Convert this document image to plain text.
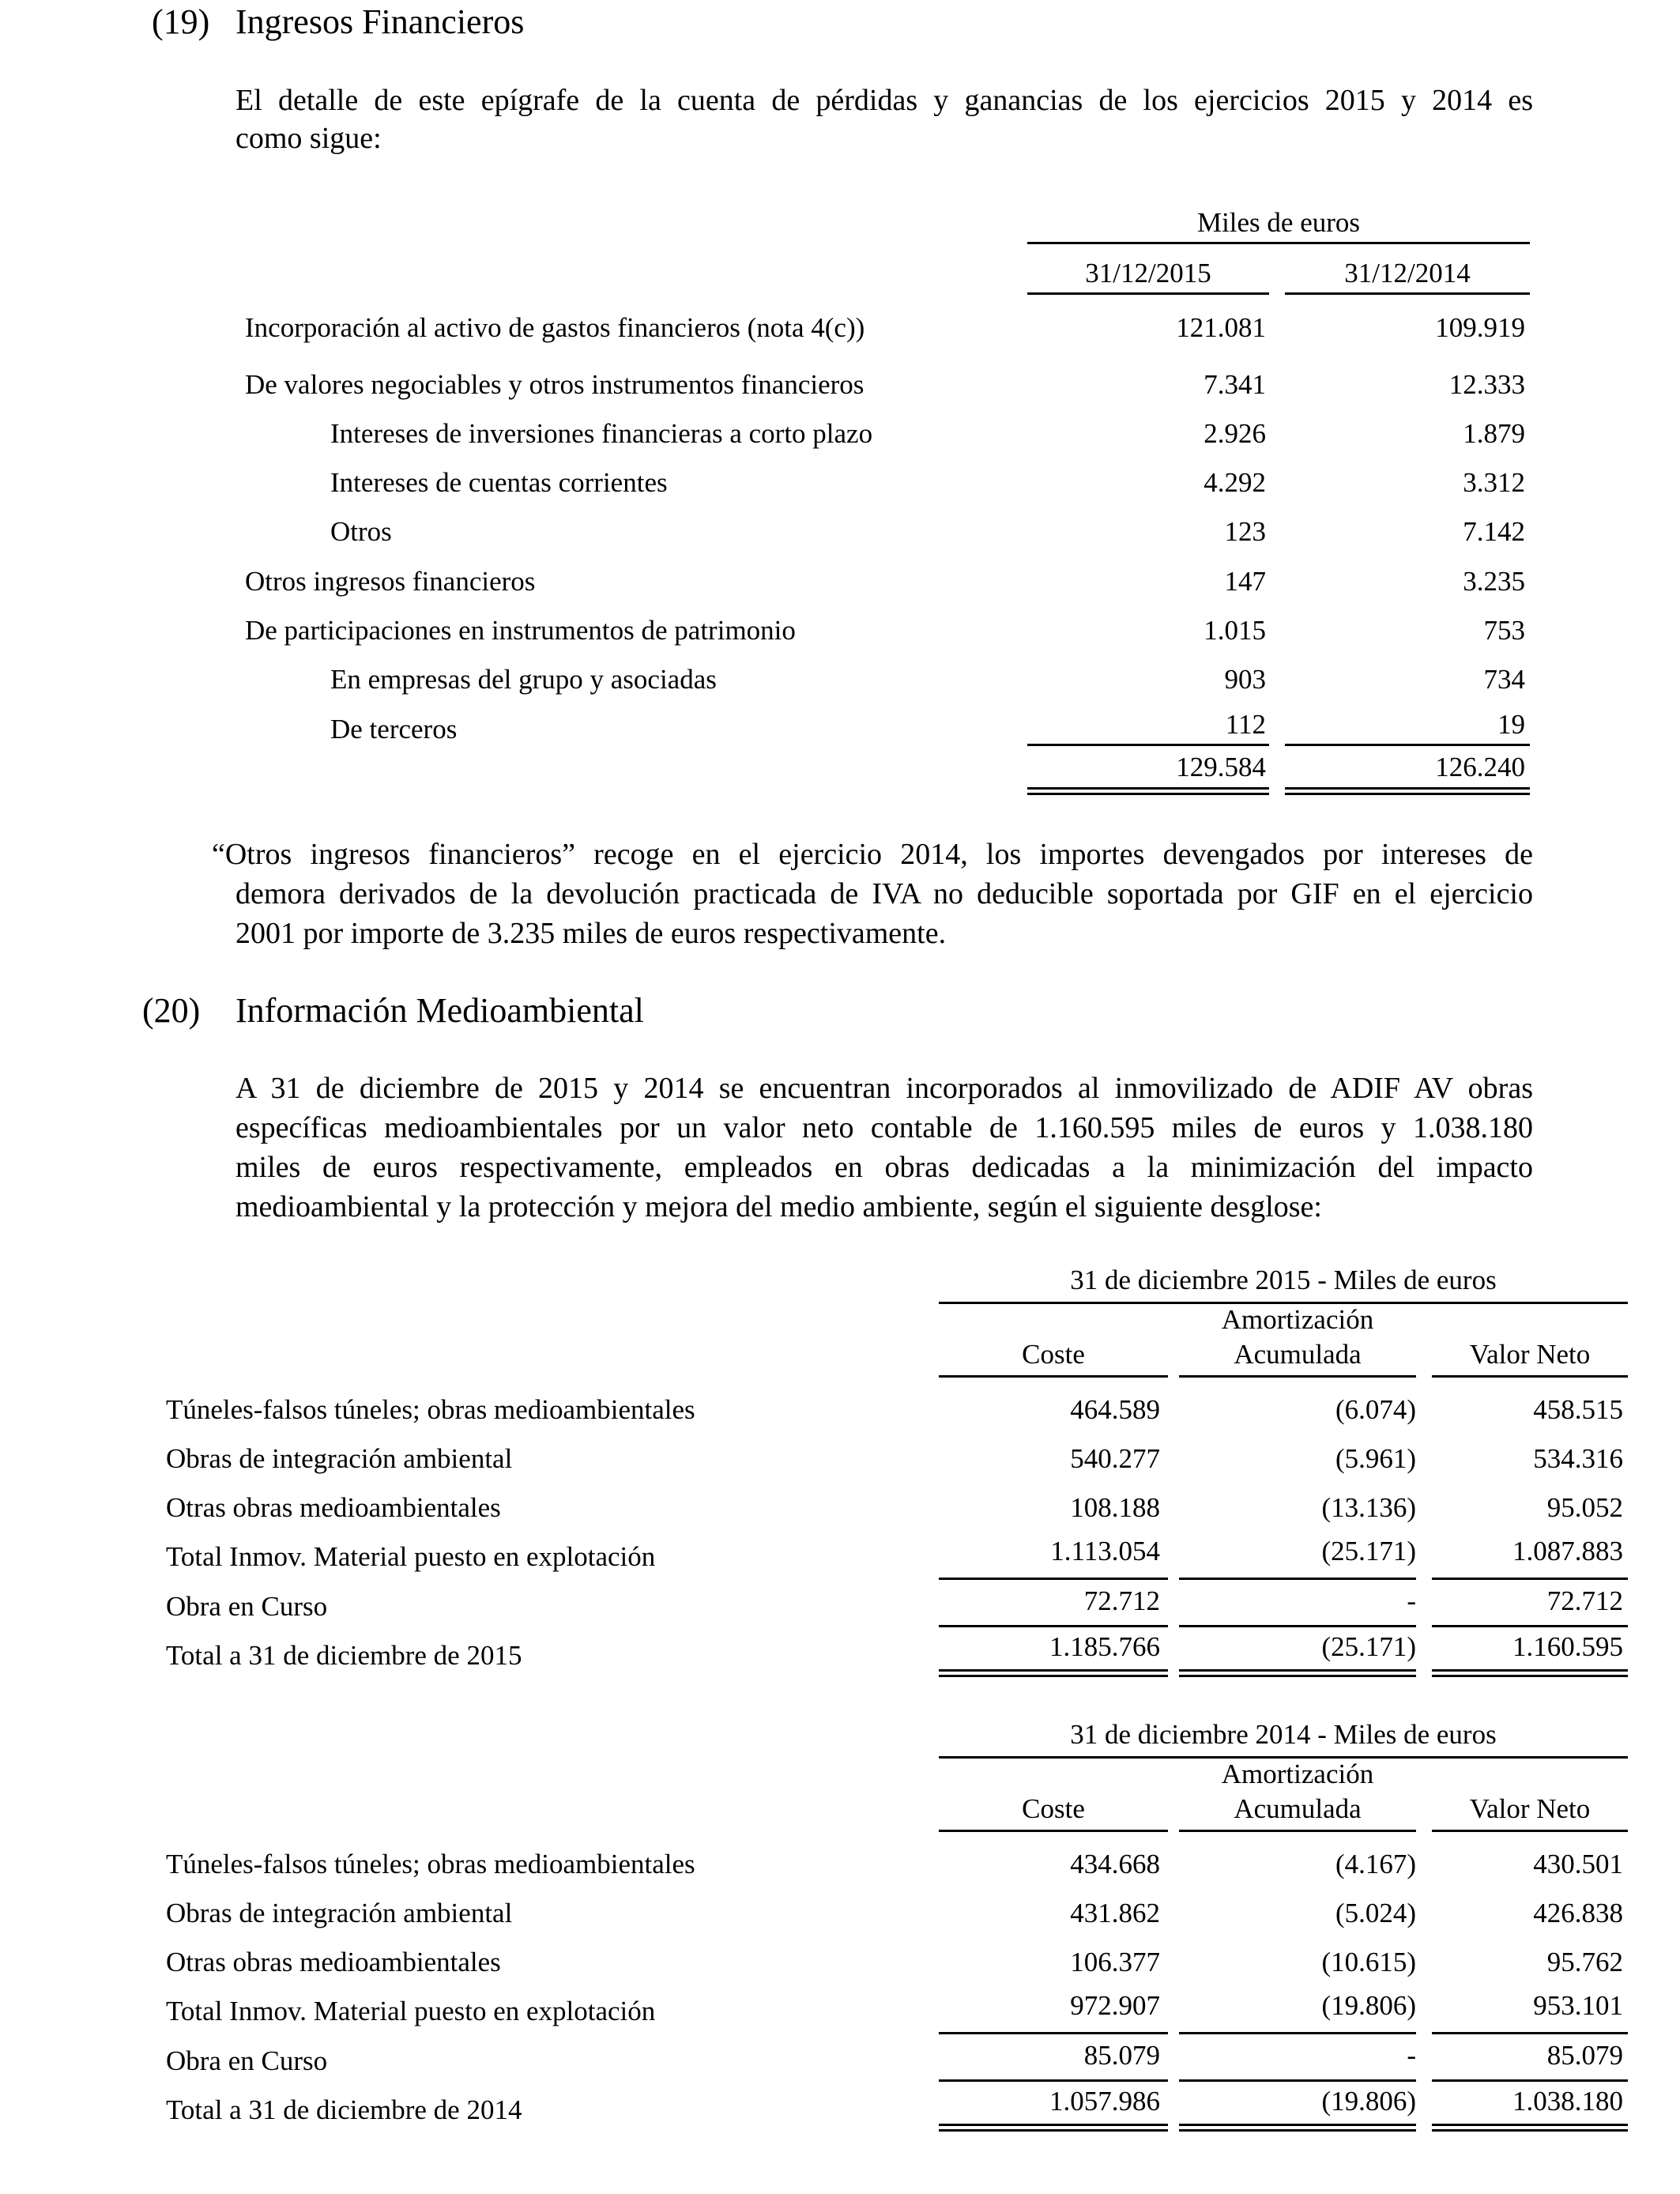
(19) Ingresos Financieros
El detalle de este epígrafe de la cuenta de pérdidas y ganancias de los ejercicios 2015 y 2014 es
como sigue:
Miles de euros
31/12/2015	31/12/2014
Incorporación al activo de gastos financieros (nota 4(c))	121.081	109.919
De valores negociables y otros instrumentos financieros	7.341	12.333
Intereses de inversiones financieras a corto plazo	2.926	1.879
Intereses de cuentas corrientes	4.292	3.312
Otros	123	7.142
Otros ingresos financieros	147	3.235
De participaciones en instrumentos de patrimonio	1.015	753
En empresas del grupo y asociadas	903	734
De terceros	112	19
129.584	126.240
“Otros ingresos financieros” recoge en el ejercicio 2014, los importes devengados por intereses de
demora derivados de la devolución practicada de IVA no deducible soportada por GIF en el ejercicio
2001 por importe de 3.235 miles de euros respectivamente.
(20) Información Medioambiental
A 31 de diciembre de 2015 y 2014 se encuentran incorporados al inmovilizado de ADIF AV obras
específicas medioambientales por un valor neto contable de 1.160.595 miles de euros y 1.038.180
miles de euros respectivamente, empleados en obras dedicadas a la minimización del impacto
medioambiental y la protección y mejora del medio ambiente, según el siguiente desglose:
31 de diciembre 2015 - Miles de euros
Amortización
Coste	Acumulada	Valor Neto
Túneles-falsos túneles; obras medioambientales	464.589	(6.074)	458.515
Obras de integración ambiental	540.277	(5.961)	534.316
Otras obras medioambientales	108.188	(13.136)	95.052
Total Inmov. Material puesto en explotación	1.113.054	(25.171)	1.087.883
Obra en Curso	72.712	-	72.712
Total a 31 de diciembre de 2015	1.185.766	(25.171)	1.160.595
31 de diciembre 2014 - Miles de euros
Amortización
Coste	Acumulada	Valor Neto
Túneles-falsos túneles; obras medioambientales	434.668	(4.167)	430.501
Obras de integración ambiental	431.862	(5.024)	426.838
Otras obras medioambientales	106.377	(10.615)	95.762
Total Inmov. Material puesto en explotación	972.907	(19.806)	953.101
Obra en Curso	85.079	-	85.079
Total a 31 de diciembre de 2014	1.057.986	(19.806)	1.038.180
